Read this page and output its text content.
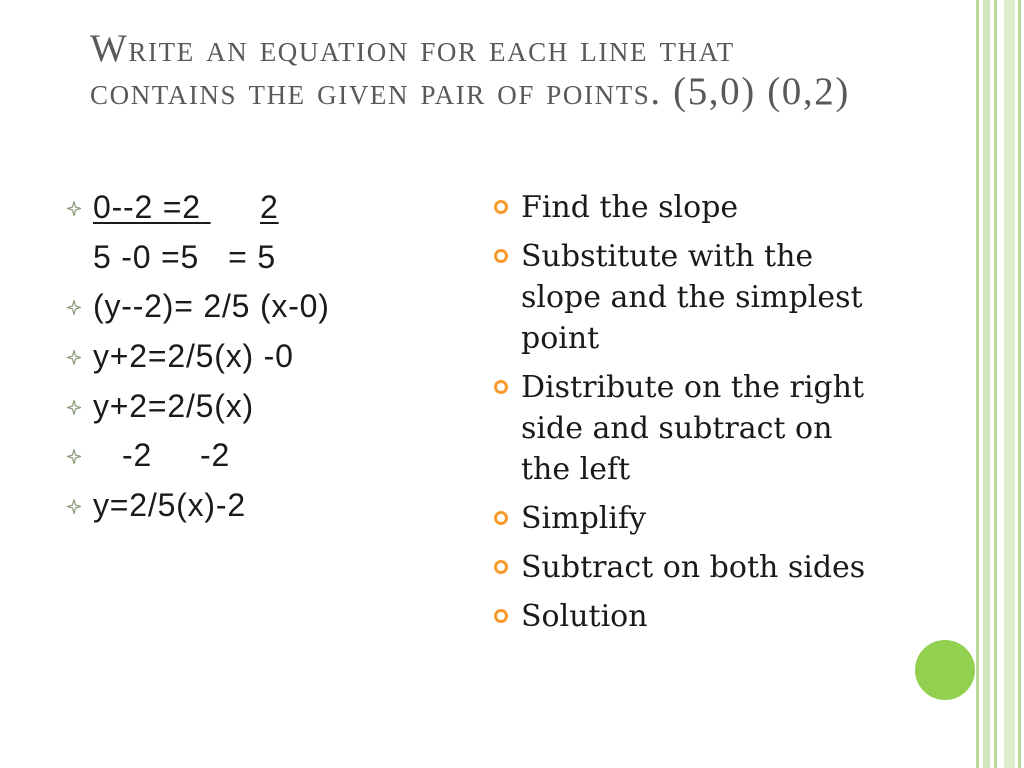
Write an equation for each line that
contains the given pair of points. (5,0) (0,2)
0--2 =2	2
5 -0 =5   = 5
(y--2)= 2/5 (x-0)
y+2=2/5(x) -0
y+2=2/5(x)
-2 -2
y=2/5(x)-2
Find the slope
Substitute with the
slope and the simplest
point
Distribute on the right
side and subtract on
the left
Simplify
Subtract on both sides
Solution
